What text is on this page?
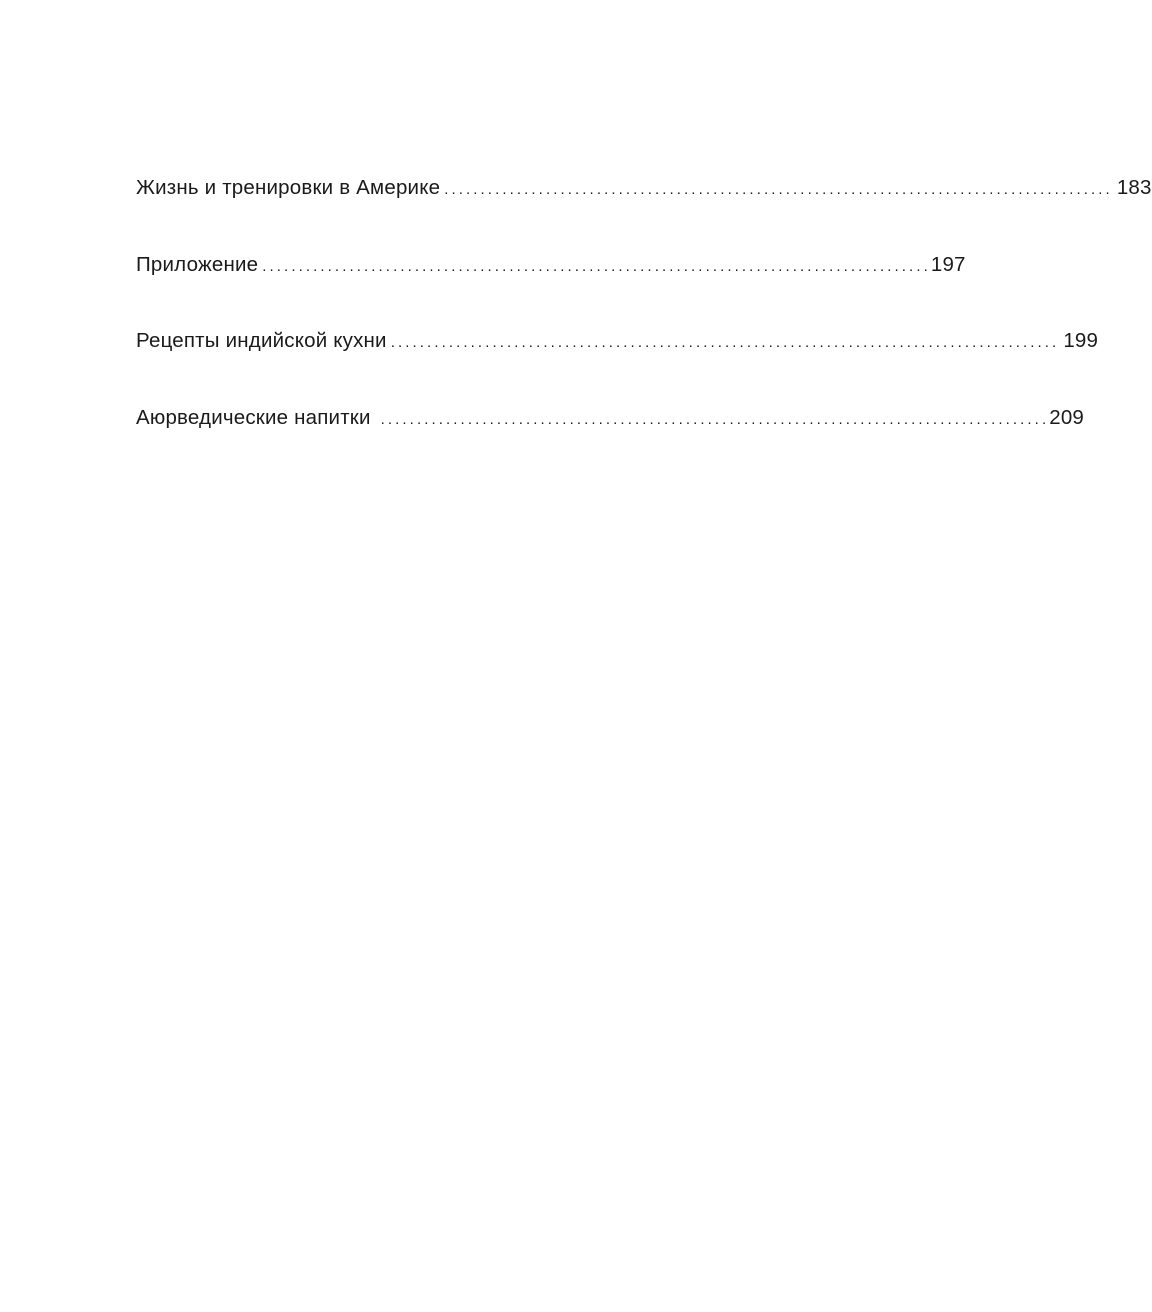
Жизнь и тренировки в Америке ............................................................................................ 183
Приложение ............................................................................................ 197
Рецепты индийской кухни ............................................................................................ 199
Аюрведические напитки ............................................................................................ 209
